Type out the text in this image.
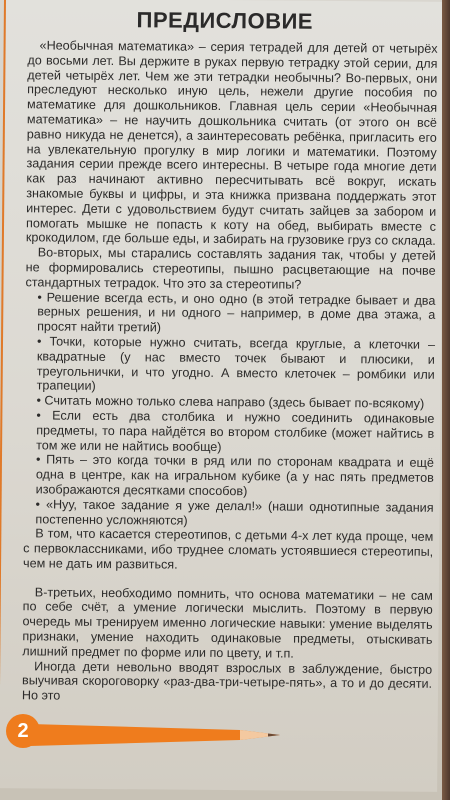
ПРЕДИСЛОВИЕ

«Необычная математика» – серия тетрадей для детей от четырёх до восьми лет. Вы держите в руках первую тетрадку этой серии, для детей четырёх лет. Чем же эти тетрадки необычны? Во-первых, они преследуют несколько иную цель, нежели другие пособия по математике для дошкольников. Главная цель серии «Необычная математика» – не научить дошкольника считать (от этого он всё равно никуда не денется), а заинтересовать ребёнка, пригласить его на увлекательную прогулку в мир логики и математики. Поэтому задания серии прежде всего интересны. В четыре года многие дети как раз начинают активно пересчитывать всё вокруг, искать знакомые буквы и цифры, и эта книжка призвана поддержать этот интерес. Дети с удовольствием будут считать зайцев за забором и помогать мышке не попасть к коту на обед, выбирать вместе с крокодилом, где больше еды, и забирать на грузовике груз со склада.

Во-вторых, мы старались составлять задания так, чтобы у детей не формировались стереотипы, пышно расцветающие на почве стандартных тетрадок. Что это за стереотипы?

• Решение всегда есть, и оно одно (в этой тетрадке бывает и два верных решения, и ни одного – например, в доме два этажа, а просят найти третий)

• Точки, которые нужно считать, всегда круглые, а клеточки – квадратные (у нас вместо точек бывают и плюсики, и треугольнички, и что угодно. А вместо клеточек – ромбики или трапеции)

• Считать можно только слева направо (здесь бывает по-всякому)

• Если есть два столбика и нужно соединить одинаковые предметы, то пара найдётся во втором столбике (может найтись в том же или не найтись вообще)

• Пять – это когда точки в ряд или по сторонам квадрата и ещё одна в центре, как на игральном кубике (а у нас пять предметов изображаются десятками способов)

• «Нуу, такое задание я уже делал!» (наши однотипные задания постепенно усложняются)

В том, что касается стереотипов, с детьми 4-х лет куда проще, чем с первоклассниками, ибо труднее сломать устоявшиеся стереотипы, чем не дать им развиться.

В-третьих, необходимо помнить, что основа математики – не сам по себе счёт, а умение логически мыслить. Поэтому в первую очередь мы тренируем именно логические навыки: умение выделять признаки, умение находить одинаковые предметы, отыскивать лишний предмет по форме или по цвету, и т.п.

Иногда дети невольно вводят взрослых в заблуждение, быстро выучивая скороговорку «раз-два-три-четыре-пять», а то и до десяти. Но это

2
